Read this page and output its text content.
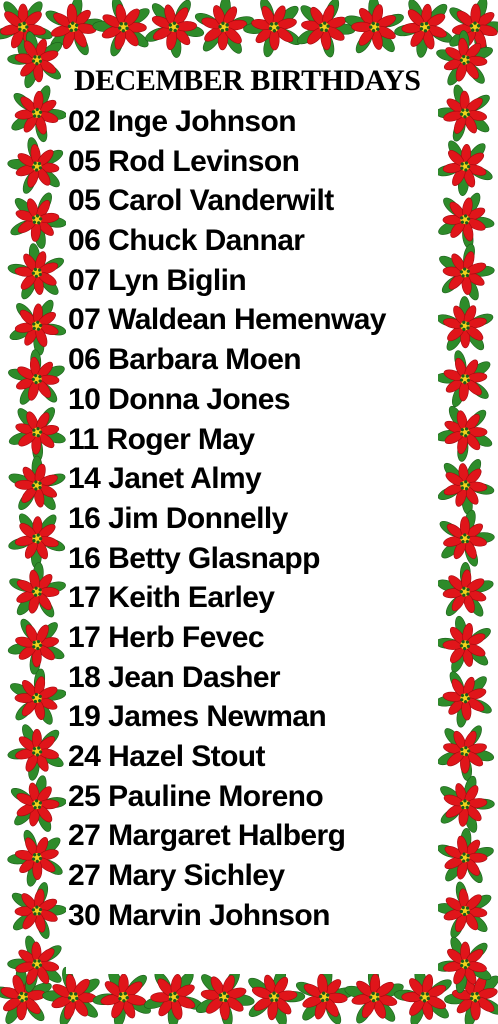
DECEMBER BIRTHDAYS
02 Inge Johnson
05 Rod Levinson
05 Carol Vanderwilt
06 Chuck Dannar
07 Lyn Biglin
07 Waldean Hemenway
06 Barbara Moen
10 Donna Jones
11 Roger May
14 Janet Almy
16 Jim Donnelly
16 Betty Glasnapp
17 Keith Earley
17 Herb Fevec
18 Jean Dasher
19 James Newman
24 Hazel Stout
25 Pauline Moreno
27 Margaret Halberg
27 Mary Sichley
30 Marvin Johnson
